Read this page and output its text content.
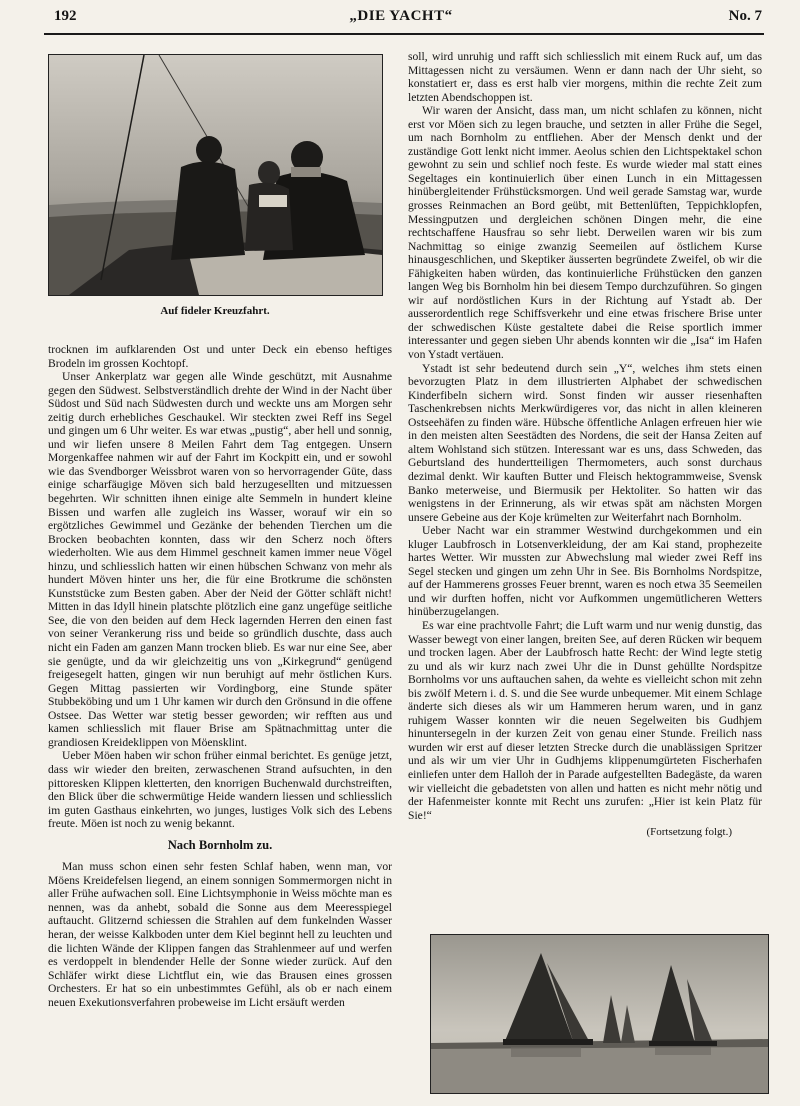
192	„DIE YACHT“	No. 7
Auf fideler Kreuzfahrt.

trocknen im aufklarenden Ost und unter Deck ein ebenso heftiges Brodeln im grossen Kochtopf.

Unser Ankerplatz war gegen alle Winde geschützt, mit Ausnahme gegen den Südwest. Selbstverständlich drehte der Wind in der Nacht über Südost und Süd nach Südwesten durch und weckte uns am Morgen sehr zeitig durch erhebliches Geschaukel. Wir steckten zwei Reff ins Segel und gingen um 6 Uhr weiter. Es war etwas „pustig“, aber hell und sonnig, und wir liefen unsere 8 Meilen Fahrt dem Tag entgegen. Unsern Morgenkaffee nahmen wir auf der Fahrt im Kockpitt ein, und er sowohl wie das Svendborger Weissbrot waren von so hervorragender Güte, dass einige scharfäugige Möven sich bald herzugesellten und mitzuessen begehrten. Wir schnitten ihnen einige alte Semmeln in hundert kleine Bissen und warfen alle zugleich ins Wasser, worauf wir ein so ergötzliches Gewimmel und Gezänke der behenden Tierchen um die Brocken beobachten konnten, dass wir den Scherz noch öfters wiederholten. Wie aus dem Himmel geschneit kamen immer neue Vögel hinzu, und schliesslich hatten wir einen hübschen Schwanz von mehr als hundert Möven hinter uns her, die für eine Brotkrume die schönsten Kunststücke zum Besten gaben. Aber der Neid der Götter schläft nicht! Mitten in das Idyll hinein platschte plötzlich eine ganz ungefüge seitliche See, die von den beiden auf dem Heck lagernden Herren den einen fast von seiner Verankerung riss und beide so gründlich duschte, dass auch nicht ein Faden am ganzen Mann trocken blieb. Es war nur eine See, aber sie genügte, und da wir gleichzeitig uns von „Kirkegrund“ genügend freigesegelt hatten, gingen wir nun beruhigt auf mehr östlichen Kurs. Gegen Mittag passierten wir Vordingborg, eine Stunde später Stubbeköbing und um 1 Uhr kamen wir durch den Grönsund in die offene Ostsee. Das Wetter war stetig besser geworden; wir refften aus und kamen schliesslich mit flauer Brise am Spätnachmittag unter die grandiosen Kreideklippen von Möensklint.

Ueber Möen haben wir schon früher einmal berichtet. Es genüge jetzt, dass wir wieder den breiten, zerwaschenen Strand aufsuchten, in den pittoresken Klippen kletterten, den knorrigen Buchenwald durchstreiften, den Blick über die schwermütige Heide wandern liessen und schliesslich im guten Gasthaus einkehrten, wo junges, lustiges Volk sich des Lebens freute. Möen ist noch zu wenig bekannt.

Nach Bornholm zu.

Man muss schon einen sehr festen Schlaf haben, wenn man, vor Möens Kreidefelsen liegend, an einem sonnigen Sommermorgen nicht in aller Frühe aufwachen soll. Eine Lichtsymphonie in Weiss möchte man es nennen, was da anhebt, sobald die Sonne aus dem Meeresspiegel auftaucht. Glitzernd schiessen die Strahlen auf dem funkelnden Wasser heran, der weisse Kalkboden unter dem Kiel beginnt hell zu leuchten und die lichten Wände der Klippen fangen das Strahlenmeer auf und werfen es verdoppelt in blendender Helle der Sonne wieder zurück. Auf den Schläfer wirkt diese Lichtflut ein, wie das Brausen eines grossen Orchesters. Er hat so ein unbestimmtes Gefühl, als ob er nach einem neuen Exekutionsverfahren probeweise im Licht ersäuft werden

soll, wird unruhig und rafft sich schliesslich mit einem Ruck auf, um das Mittagessen nicht zu versäumen. Wenn er dann nach der Uhr sieht, so konstatiert er, dass es erst halb vier morgens, mithin die rechte Zeit zum letzten Abendschoppen ist.

Wir waren der Ansicht, dass man, um nicht schlafen zu können, nicht erst vor Möen sich zu legen brauche, und setzten in aller Frühe die Segel, um nach Bornholm zu entfliehen. Aber der Mensch denkt und der zuständige Gott lenkt nicht immer. Aeolus schien den Lichtspektakel schon gewohnt zu sein und schlief noch feste. Es wurde wieder mal statt eines Segeltages ein kontinuierlich über einen Lunch in ein Mittagessen hinübergleitender Frühstücksmorgen. Und weil gerade Samstag war, wurde grosses Reinmachen an Bord geübt, mit Bettenlüften, Teppichklopfen, Messingputzen und dergleichen schönen Dingen mehr, die eine rechtschaffene Hausfrau so sehr liebt. Derweilen waren wir bis zum Nachmittag so einige zwanzig Seemeilen auf östlichem Kurse hinausgeschlichen, und Skeptiker äusserten begründete Zweifel, ob wir die Fähigkeiten haben würden, das kontinuierliche Frühstücken den ganzen langen Weg bis Bornholm hin bei diesem Tempo durchzuführen. So gingen wir auf nordöstlichen Kurs in der Richtung auf Ystadt ab. Der ausserordentlich rege Schiffsverkehr und eine etwas frischere Brise unter der schwedischen Küste gestaltete dabei die Reise sportlich immer interessanter und gegen sieben Uhr abends konnten wir die „Isa“ im Hafen von Ystadt vertäuen.

Ystadt ist sehr bedeutend durch sein „Y“, welches ihm stets einen bevorzugten Platz in dem illustrierten Alphabet der schwedischen Kinderfibeln sichern wird. Sonst finden wir ausser riesenhaften Taschenkrebsen nichts Merkwürdigeres vor, das nicht in allen kleineren Ostseehäfen zu finden wäre. Hübsche öffentliche Anlagen erfreuen hier wie in den meisten alten Seestädten des Nordens, die seit der Hansa Zeiten auf altem Wohlstand sich stützen. Interessant war es uns, dass Schweden, das Geburtsland des hundertteiligen Thermometers, auch sonst durchaus dezimal denkt. Wir kauften Butter und Fleisch hektogrammweise, Svensk Banko meterweise, und Biermusik per Hektoliter. So hatten wir das wenigstens in der Erinnerung, als wir etwas spät am nächsten Morgen unsere Gebeine aus der Koje krümelten zur Weiterfahrt nach Bornholm.

Ueber Nacht war ein strammer Westwind durchgekommen und ein kluger Laubfrosch in Lotsenverkleidung, der am Kai stand, prophezeite hartes Wetter. Wir mussten zur Abwechslung mal wieder zwei Reff ins Segel stecken und gingen um zehn Uhr in See. Bis Bornholms Nordspitze, auf der Hammerens grosses Feuer brennt, waren es noch etwa 35 Seemeilen und wir durften hoffen, nicht vor Aufkommen ungemütlicheren Wetters hinüberzugelangen.

Es war eine prachtvolle Fahrt; die Luft warm und nur wenig dunstig, das Wasser bewegt von einer langen, breiten See, auf deren Rücken wir bequem und trocken lagen. Aber der Laubfrosch hatte Recht: der Wind legte stetig zu und als wir kurz nach zwei Uhr die in Dunst gehüllte Nordspitze Bornholms vor uns auftauchen sahen, da wehte es vielleicht schon mit zehn bis zwölf Metern i. d. S. und die See wurde unbequemer. Mit einem Schlage änderte sich dieses als wir um Hammeren herum waren, und in ganz ruhigem Wasser konnten wir die neuen Segelweiten bis Gudhjem hinuntersegeln in der kurzen Zeit von genau einer Stunde. Freilich nass wurden wir erst auf dieser letzten Strecke durch die unablässigen Spritzer und als wir um vier Uhr in Gudhjems klippenumgürteten Fischerhafen einliefen unter dem Halloh der in Parade aufgestellten Badegäste, da waren wir vielleicht die gebadetsten von allen und hatten es nicht mehr nötig und der Hafenmeister konnte mit Recht uns zurufen: „Hier ist kein Platz für Sie!“

(Fortsetzung folgt.)
